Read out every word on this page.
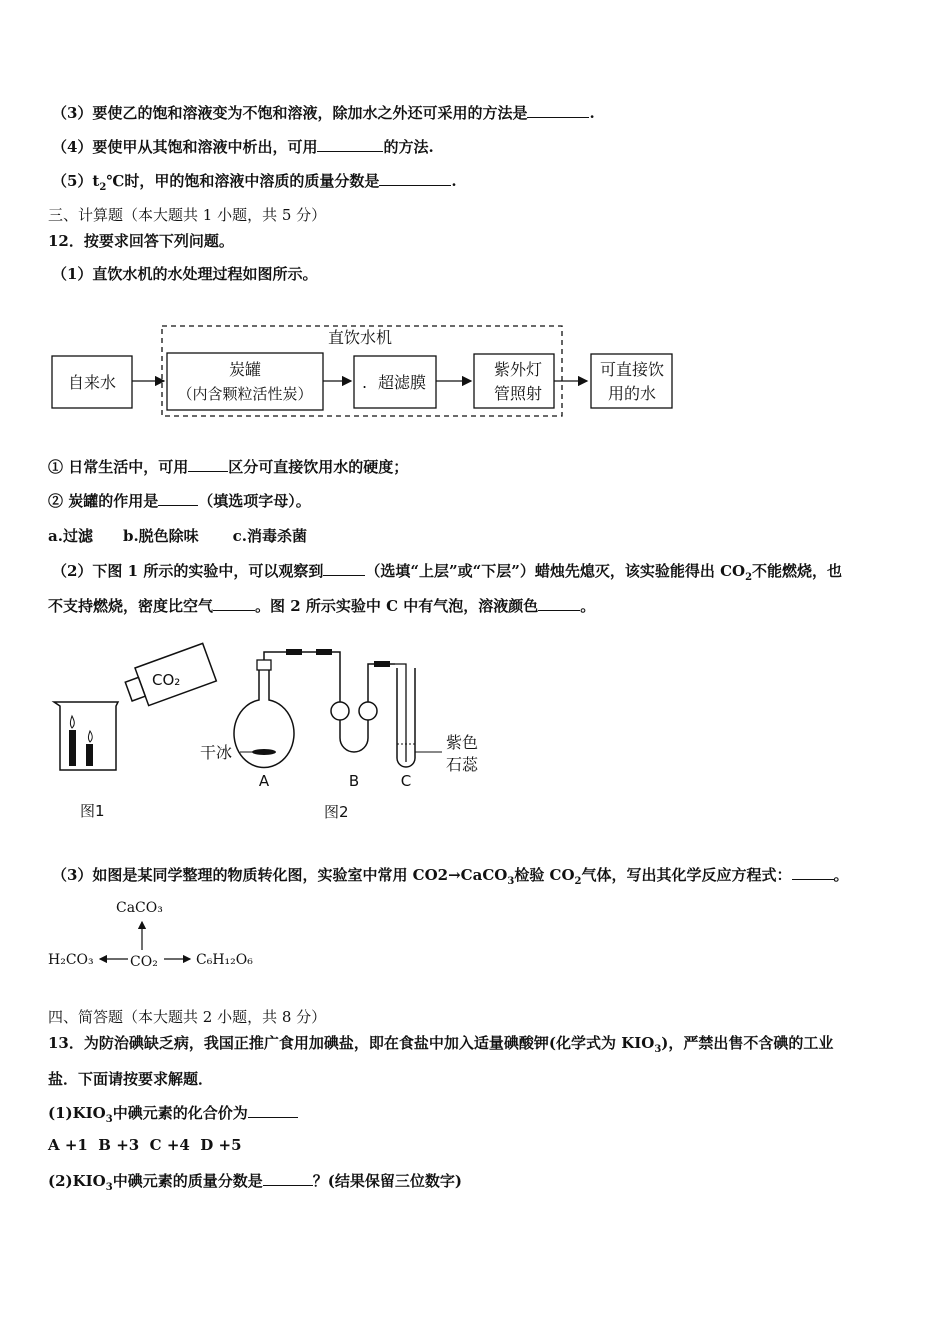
（3）要使乙的饱和溶液变为不饱和溶液，除加水之外还可采用的方法是	.
（4）要使甲从其饱和溶液中析出，可用	的方法.
$(5)t_2℃$时，甲的饱和溶液中溶质的质量分数是	.
三、计算题（本大题共 1 小题，共 5 分）
12．按要求回答下列问题。
（1）直饮水机的水处理过程如图所示。
直饮水机
自来水
炭罐
（内含颗粒活性炭）
. 超滤膜
紫外灯
管照射
可直接饮
用的水
① 日常生活中，可用	区分可直接饮用水的硬度；
② 炭罐的作用是	（填选项字母）。
a.过滤 b.脱色除味 c.消毒杀菌
（2）下图 1 所示的实验中，可以观察到	（选填“上层”或“下层”）蜡烛先熄灭，该实验能得出 $CO_2$不能燃烧，也
不支持燃烧，密度比空气	。图 2 所示实验中 C 中有气泡，溶液颜色	。
CO₂
图1
干冰
A	B
紫色
石蕊
C
图2
（3）如图是某同学整理的物质转化图，实验室中常用 CO2→CaCO$_3$检验 $CO_2$气体，写出其化学反应方程式：	。
CaCO₃
H₂CO₃	CO₂	C₆H₁₂O₆
四、简答题（本大题共 2 小题，共 8 分）
13．为防治碘缺乏病，我国正推广食用加碘盐，即在食盐中加入适量碘酸钾(化学式为 $KIO_3$)，严禁出售不含碘的工业
盐．下面请按要求解题．
$(1)KIO_3$中碘元素的化合价为
A +1  B +3  C +4  D +5
$(2)KIO_3$中碘元素的质量分数是	？(结果保留三位数字)
